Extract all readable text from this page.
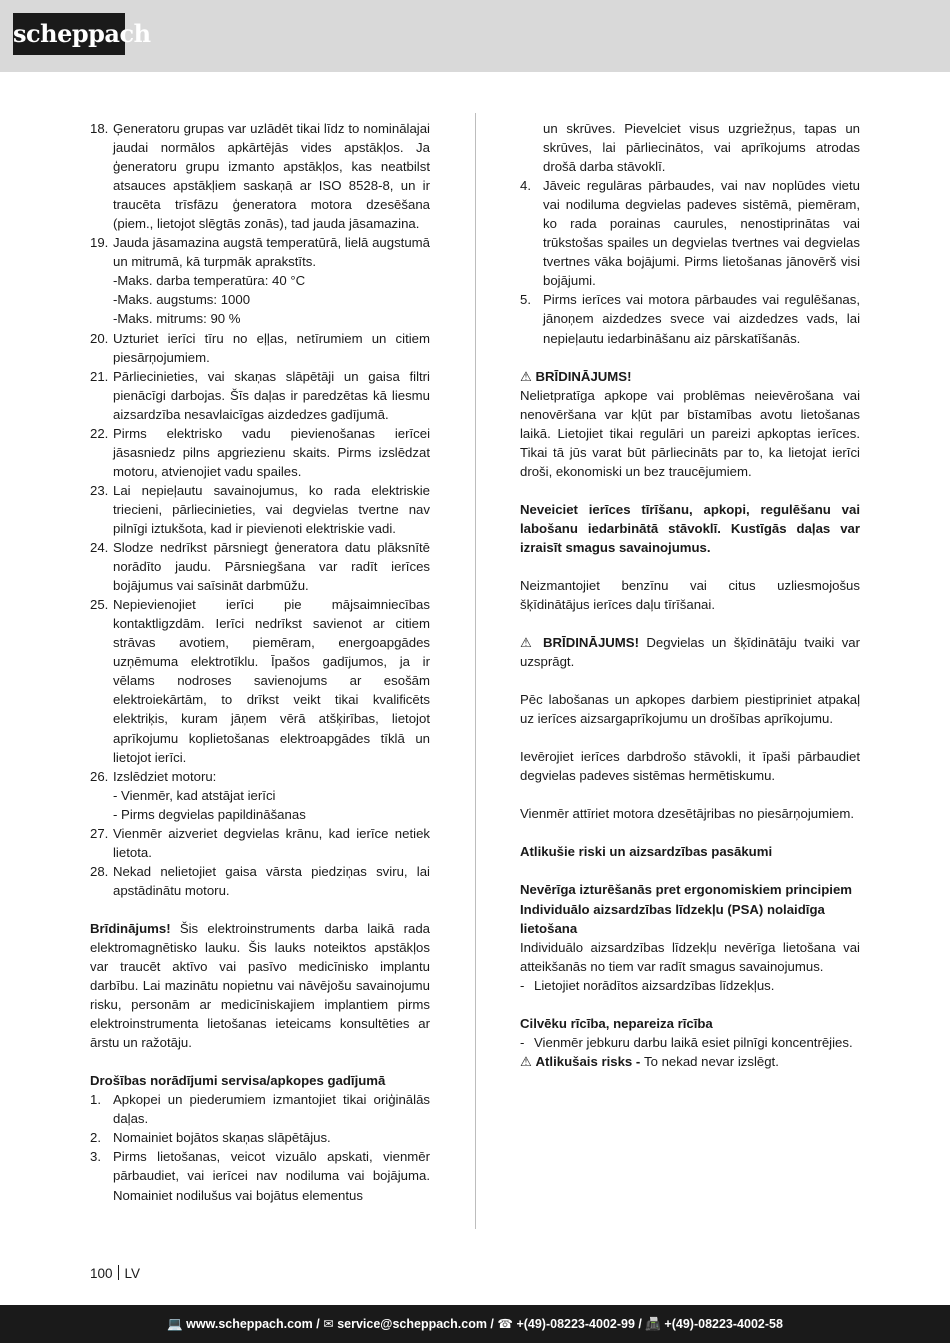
scheppach
18. Ģeneratoru grupas var uzlādēt tikai līdz to nominālajai jaudai normālos apkārtējās vides apstākļos. Ja ģeneratoru grupu izmanto apstākļos, kas neatbilst atsauces apstākļiem saskaņā ar ISO 8528-8, un ir traucēta trīsfāzu ģeneratora motora dzesēšana (piem., lietojot slēgtās zonās), tad jauda jāsamazina.
19. Jauda jāsamazina augstā temperatūrā, lielā augstumā un mitrumā, kā turpmāk aprakstīts.
-Maks. darba temperatūra: 40 °C
-Maks. augstums: 1000
-Maks. mitrums: 90 %
20. Uzturiet ierīci tīru no eļļas, netīrumiem un citiem piesārņojumiem.
21. Pārliecinieties, vai skaņas slāpētāji un gaisa filtri pienācīgi darbojas. Šīs daļas ir paredzētas kā liesmu aizsardzība nesavlaicīgas aizdedzes gadījumā.
22. Pirms elektrisko vadu pievienošanas ierīcei jāsasniedz pilns apgriezienu skaits. Pirms izslēdzat motoru, atvienojiet vadu spailes.
23. Lai nepieļautu savainojumus, ko rada elektriskie triecieni, pārliecinieties, vai degvielas tvertne nav pilnīgi iztukšota, kad ir pievienoti elektriskie vadi.
24. Slodze nedrīkst pārsniegt ģeneratora datu plāksnītē norādīto jaudu. Pārsniegšana var radīt ierīces bojājumus vai saīsināt darbmūžu.
25. Nepievienojiet ierīci pie mājsaimniecības kontaktligzdām. Ierīci nedrīkst savienot ar citiem strāvas avotiem, piemēram, energoapgādes uzņēmuma elektrotīklu. Īpašos gadījumos, ja ir vēlams nodroses savienojums ar esošām elektroiekārtām, to drīkst veikt tikai kvalificēts elektriķis, kuram jāņem vērā atšķirības, lietojot aprīkojumu koplietošanas elektroapgādes tīklā un lietojot ierīci.
26. Izslēdziet motoru:
- Vienmēr, kad atstājat ierīci
- Pirms degvielas papildināšanas
27. Vienmēr aizveriet degvielas krānu, kad ierīce netiek lietota.
28. Nekad nelietojiet gaisa vārsta piedziņas sviru, lai apstādinātu motoru.
Brīdinājums! Šis elektroinstruments darba laikā rada elektromagnētisko lauku. Šis lauks noteiktos apstākļos var traucēt aktīvo vai pasīvo medicīnisko implantu darbību. Lai mazinātu nopietnu vai nāvējošu savainojumu risku, personām ar medicīniskajiem implantiem pirms elektroinstrumenta lietošanas ieteicams konsultēties ar ārstu un ražotāju.
Drošības norādījumi servisa/apkopes gadījumā
1. Apkopei un piederumiem izmantojiet tikai oriģinālās daļas.
2. Nomainiet bojātos skaņas slāpētājus.
3. Pirms lietošanas, veicot vizuālo apskati, vienmēr pārbaudiet, vai ierīcei nav nodiluma vai bojājuma. Nomainiet nodilušus vai bojātus elementus
un skrūves. Pievelciet visus uzgriežņus, tapas un skrūves, lai pārliecinātos, vai aprīkojums atrodas drošā darba stāvoklī.
4. Jāveic regulāras pārbaudes, vai nav noplūdes vietu vai nodiluma degvielas padeves sistēmā, piemēram, ko rada porainas caurules, nenostiprinātas vai trūkstošas spailes un degvielas tvertnes vai degvielas tvertnes vāka bojājumi. Pirms lietošanas jānovērš visi bojājumi.
5. Pirms ierīces vai motora pārbaudes vai regulēšanas, jānoņem aizdedzes svece vai aizdedzes vads, lai nepieļautu iedarbināšanu aiz pārskatīšanās.
⚠ BRĪDINĀJUMS!
Nelietpratīga apkope vai problēmas neievērošana vai nenovēršana var kļūt par bīstamības avotu lietošanas laikā. Lietojiet tikai regulāri un pareizi apkoptas ierīces. Tikai tā jūs varat būt pārliecināts par to, ka lietojat ierīci droši, ekonomiski un bez traucējumiem.
Neveiciet ierīces tīrīšanu, apkopi, regulēšanu vai labošanu iedarbinātā stāvoklī. Kustīgās daļas var izraisīt smagus savainojumus.
Neizmantojiet benzīnu vai citus uzliesmojošus šķīdinātājus ierīces daļu tīrīšanai.
⚠ BRĪDINĀJUMS! Degvielas un šķīdinātāju tvaiki var uzsprāgt.
Pēc labošanas un apkopes darbiem piestipriniet atpakaļ uz ierīces aizsargaprīkojumu un drošības aprīkojumu.
Ievērojiet ierīces darbdrošo stāvokli, it īpaši pārbaudiet degvielas padeves sistēmas hermētiskumu.
Vienmēr attīriet motora dzesētājribas no piesārņojumiem.
Atlikušie riski un aizsardzības pasākumi
Nevērīga izturēšanās pret ergonomiskiem principiem
Individuālo aizsardzības līdzekļu (PSA) nolaidīga lietošana
Individuālo aizsardzības līdzekļu nevērīga lietošana vai atteikšanās no tiem var radīt smagus savainojumus.
- Lietojiet norādītos aizsardzības līdzekļus.
Cilvēku rīcība, nepareiza rīcība
- Vienmēr jebkuru darbu laikā esiet pilnīgi koncentrējies.
⚠ Atlikušais risks - To nekad nevar izslēgt.
100 LV
💻 www.scheppach.com / ✉ service@scheppach.com / ☎ +(49)-08223-4002-99 / 📠 +(49)-08223-4002-58
